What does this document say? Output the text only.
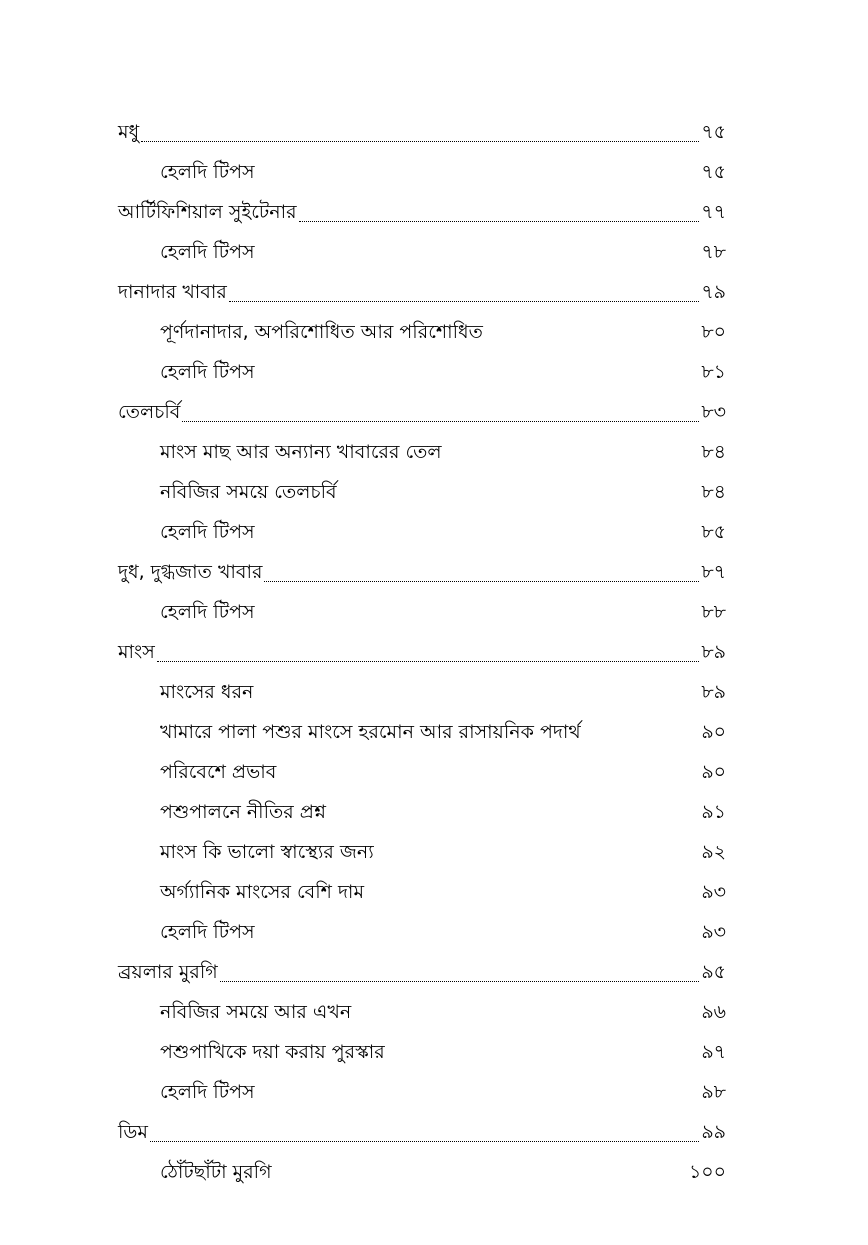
মধু	৭৫
হেলদি টিপস	৭৫
আর্টিফিশিয়াল সুইটেনার	৭৭
হেলদি টিপস	৭৮
দানাদার খাবার	৭৯
পূর্ণদানাদার, অপরিশোধিত আর পরিশোধিত	৮০
হেলদি টিপস	৮১
তেলচর্বি	৮৩
মাংস মাছ আর অন্যান্য খাবারের তেল	৮৪
নবিজির সময়ে তেলচর্বি	৮৪
হেলদি টিপস	৮৫
দুধ, দুগ্ধজাত খাবার	৮৭
হেলদি টিপস	৮৮
মাংস	৮৯
মাংসের ধরন	৮৯
খামারে পালা পশুর মাংসে হরমোন আর রাসায়নিক পদার্থ	৯০
পরিবেশে প্রভাব	৯০
পশুপালনে নীতির প্রশ্ন	৯১
মাংস কি ভালো স্বাস্থ্যের জন্য	৯২
অর্গ্যানিক মাংসের বেশি দাম	৯৩
হেলদি টিপস	৯৩
ব্রয়লার মুরগি	৯৫
নবিজির সময়ে আর এখন	৯৬
পশুপাখিকে দয়া করায় পুরস্কার	৯৭
হেলদি টিপস	৯৮
ডিম	৯৯
ঠোঁটছাঁটা মুরগি	১০০
